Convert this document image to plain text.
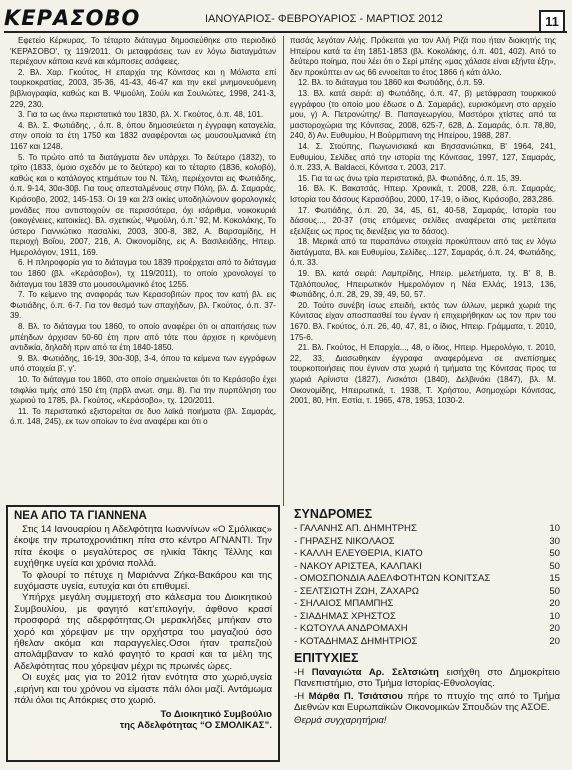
ΚΕΡΑΣΟΒΟ	ΙΑΝΟΥΑΡΙΟΣ- ΦΕΒΡΟΥΑΡΙΟΣ - ΜΑΡΤΙΟΣ 2012	11

Εφετείο Κέρκυρας. Το τέταρτο διάταγμα δημοσιεύθηκε στο περιοδικό 'ΚΕΡΑΣΟΒΟ', τχ 119/2011. Οι μεταφράσεις των εν λόγω διαταγμάτων περιέχουν κάποια κενά και κάμποσες ασάφειες.

2. Βλ. Χαρ. Γκούτος, Η επαρχία της Κόνιτσας και η Μόλιστα επί τουρκοκρατίας, 2003, 35-36, 41-43, 46-47 και την εκεί μνημονευόμενη βιβλιογραφία, καθώς και Β. Ψιμούλη, Σούλι και Σουλιώτες, 1998, 241-3, 229, 230.

3. Για τα ως άνω περιστατικά του 1830, βλ. Χ. Γκούτος, ό.π. 48, 101.

4. Βλ. Σ. Φωτιάδης, , ό.π. 8, όπου δημοσιεύεται η έγγραφη καταγελία, στην οποία τα έτη 1750 και 1832 αναφέρονται ως μουσουλμανικά έτη 1167 και 1248.

5. Το πρώτο από τα διατάγματα δεν υπάρχει. Το δεύτερο (1832), το τρίτο (1833, όμοιο σχεδόν με το δεύτερο) και το τέταρτο (1836, κολοβό), καθώς και ο κατάλογος κτημάτων του Ν. Τέλη, περιέχονται εις Φωτιάδης, ό.π. 9-14, 30α-30β. Για τους απεσταλμένους στην Πόλη, βλ. Δ. Σαμαράς, Κιράσοβο, 2002, 145-153. Οι 19 και 2/3 οικίες υποδηλώνουν φορολογικές μονάδες που αντιστοιχούν σε περισσότερα, όχι ισάριθμα, νοικοκυριά (οικογένειες, κατοικίες). Βλ. σχετικώς, Ψιμούλη, ό.π.' 92, Μ. Κοκολάκης, Το ύστερο Γιαννιώτικο πασαλίκι, 2003, 300-8, 382, Α. Βαρσαμίδης, Η περιοχή Βοΐου, 2007, 216, Α. Οικονομίδης, εις Α. Βασιλειάδης, Ηπειρ. Ημερολόγιον, 1911, 169.

6. Η πληροφορία για το διάταγμα του 1839 προέρχεται από το διάταγμα του 1860 (βλ. «Κεράσοβο»), τχ 119/2011), το οποίο χρονολογεί το διάταγμα του 1839 στο μουσουλμανικό έτος 1255.

7. Το κείμενο της αναφοράς των Κερασοβιτών προς τον κατή βλ. εις Φωτιάδης, ό.π. 6-7. Για τον θεσμό των σπαχήδων, βλ. Γκούτος, ό.π. 37-39.

8. Βλ. το διάταγμα του 1860, το οποίο αναφέρει ότι οι απαιτήσεις των μπέηδων άρχισαν 50-60 έτη πριν από τότε που άρχισε η κρινόμενη αντιδικία, δηλαδή πριν από τα έτη 1840-1850.

9. Βλ. Φωτιάδης, 16-19, 30α-30β, 3-4, όπου τα κείμενα των εγγράφων υπό στοιχεία β', γ'.

10. Το διάταγμα του 1860, στο οποίο σημειώνεται ότι το Κεράσοβο έχει τσιφλίκι τιμής από 150 έτη (πρβλ ανωτ. σημ. 8). Για την πυρπόληση του χωριού το 1785, βλ. Γκούτος, «Κεράσοβο», τχ. 120/2011.

11. Το περιστατικό εξιστορείται σε δυο λαϊκά ποιήματα (βλ. Σαμαράς, ό.π. 148, 245), εκ των οποίων το ένα αναφέρει και ότι ο

πασάς λεγόταν Αλής. Πρόκειται για τον Αλή Ριζά που ήταν διοικητής της Ηπείρου κατά τα έτη 1851-1853 (βλ. Κοκολάκης, ό.π. 401, 402). Από το δεύτερο ποίημα, που λέει ότι ο Σερί μπέης «μας χάλασε είναι εξήντα έξη», δεν προκύπτει αν ως 66 εννοείται το έτος 1866 ή κάτι άλλο.

12. Βλ. το διάταγμα του 1860 και Φωτιάδης, ό.π. 59.

13. Βλ. κατά σειρά: α) Φωτιάδης, ό.π. 47, β) μετάφραση τουρκικού εγγράφου (το οποίο μου έδωσε ο Δ. Σαμαράς), ευρισκόμενη στο αρχείο μου, γ) Α. Πετρονώτης/ Β. Παπαγεωργίου, Μαστόροι χτίστες από τα μαστοροχώρια της Κόνιτσας, 2008, 625-7, 628, Δ. Σαμαράς, ό.π. 78,80, 240, δ) Αν. Ευθυμίου, Η Βούρμπιανη της Ηπείρου, 1988, 287.

14. Σ. Στούπης, Πωγωνισιακά και Βησσανιώτικα, Β' 1964, 241, Ευθυμίου, Σελίδες από την ιστορία της Κόνιτσας, 1997, 127, Σαμαράς, ό.π. 233, Α. Baldacci, Κόνιτσα τ. 2003, 217.

15. Για τα ως άνω τρία περιστατικά, βλ. Φωτιάδης, ό.π. 15, 39.

16. Βλ. Κ. Βακατσάς, Ηπειρ. Χρονικά, τ. 2008, 228, ό.π. Σαμαράς, Ιστορία του δάσους Κερασόβου, 2000, 17-19, ο ίδιος, Κιράσοβο, 283,286.

17. Φωτιάδης, ό.π. 20, 34, 45, 61, 40-58, Σαμαράς, Ιστορία του δάσους..., 20-37 (στις επόμενες σελίδες αναφέρεται στις μετέπειτα εξελίξεις ως προς τις διενέξεις για το δάσος).

18. Μερικά από τα παραπάνω στοιχεία προκύπτουν από τας εν λόγω διατάγματα, Βλ. και Ευθυμίου, Σελίδες...127, Σαμαράς, ό.π. 24, Φωτιάδης, ό.π. 33.

19. Βλ. κατά σειρά: Λαμπρίδης, Ηπειρ. μελετήματα, τχ. Β' 8, Β. Τζαλόπουλος, Ηπειρωτικόν Ημερολόγιον η Νέα Ελλάς, 1913, 136, Φωτιάδης, ό.π. 28, 29, 39, 49, 50, 57.

20. Τούτο συνέβη ίσως επειδή, εκτός των άλλων, μερικά χωριά της Κόνιτσας είχαν αποσπασθεί του έγναν ή επιχειρήθηκαν ως τον πριν του 1670. Βλ. Γκούτος, ό.π. 26, 40, 47, 81, ο ίδιος, Ηπειρ. Γράμματα, τ. 2010, 175-6.

21. Βλ. Γκούτος, Η Επαρχία..., 48, ο ίδιος, Ηπειρ. Ημερολόγιο, τ. 2010, 22, 33, Διασωθηκαν έγγραφα αναφερόμενα σε ανεπίσημες τουρκοποιήσεις που έγιναν στα χωριά ή τμήματα της Κόνιτσας προς τα χωριά Αρίνιστα (1827), Λισκάτσι (1840), Δελβινάκι (1847), βλ. Μ. Οικονομίδης, Ηπειρωτικά, τ. 1938, Τ. Χρήστου, Ασημοχώρι Κόνιτσας, 2001, 80, Ηπ. Εστία, τ. 1965, 478, 1953, 1030-2.

ΝΕΑ ΑΠΟ ΤΑ ΓΙΑΝΝΕΝΑ

Στις 14 Ιανουαρίου η Αδελφότητα Ιωαννίνων «Ο Σμόλικας» έκοψε την πρωτοχρονιάτικη πίτα στο κέντρο ΑΓΝΑΝΤΙ. Την πίτα έκοψε ο μεγαλύτερος σε ηλικία Τάκης Τέλλης και ευχήθηκε υγεία και χρόνια πολλά.

Το φλουρί το πέτυχε η Μαριάννα Ζήκα-Βακάρου και της ευχόμαστε υγεία, ευτυχία και ότι επιθυμεί.

Υπήρχε μεγάλη συμμετοχή στο κάλεσμα του Διοικητικού Συμβουλίου, με φαγητό κατ’επιλογήν, άφθονο κρασί προσφορά της αδερφότητας.Οι μερακλήδες μπήκαν στο χορό και χόρεψαν με την ορχήστρα του μαγαζιού όσο ήθελαν ακόμα και παραγγελίες.Οσοι ήταν τραπεζιού απολάμβαναν το καλό φαγητό το κρασί και τα μέλη της Αδελφότητας που χόρεψαν μέχρι τις πρωινές ώρες.

Οι ευχές μας για το 2012 ήταν ενότητα στο χωριό,υγεία ,ειρήνη και του χρόνου να είμαστε πάλι όλοι μαζί. Αντάμωμα πάλι όλοι τις Απόκριες στο χωριό.

Το Διοικητικό Συμβούλιο
της Αδελφότητας “Ο ΣΜΟΛΙΚΑΣ”.
ΣΥΝΔΡΟΜΕΣ
- ΓΑΛΑΝΗΣ ΑΠ. ΔΗΜΗΤΡΗΣ	10
- ΓΗΡΑΣΗΣ ΝΙΚΟΛΑΟΣ	30
- ΚΑΛΛΗ ΕΛΕΥΘΕΡΙΑ, ΚΙΑΤΟ	50
- ΝΑΚΟΥ ΑΡΙΣΤΕΑ, ΚΑΛΠΑΚΙ	50
- ΟΜΟΣΠΟΝΔΙΑ ΑΔΕΛΦΟΤΗΤΩΝ ΚΟΝΙΤΣΑΣ	15
- ΣΕΛΤΣΙΩΤΗ ΖΩΗ, ΖΑΧΑΡΩ	50
- ΣΗΛΑΙΟΣ ΜΠΑΜΠΗΣ	20
- ΣΙΑΔΗΜΑΣ ΧΡΗΣΤΟΣ	10
- ΚΩΤΟΥΛΑ ΑΝΔΡΟΜΑΧΗ	20
- ΚΟΤΑΔΗΜΑΣ ΔΗΜΗΤΡΙΟΣ	20
ΕΠΙΤΥΧΙΕΣ

-Η Παναγιώτα Αρ. Σελτσιώτη εισήχθη στο Δημοκρίτειο Πανεπιστήμιο, στο Τμήμα Ιστορίας-Εθνολογίας.

-Η Μάρθα Π. Τσιάτσιου πήρε το πτυχίο της από το Τμήμα Διεθνών και Ευρωπαϊκών Οικονομικών Σπουδών της ΑΣΟΕ.

Θερμά συγχαρητήρια!
